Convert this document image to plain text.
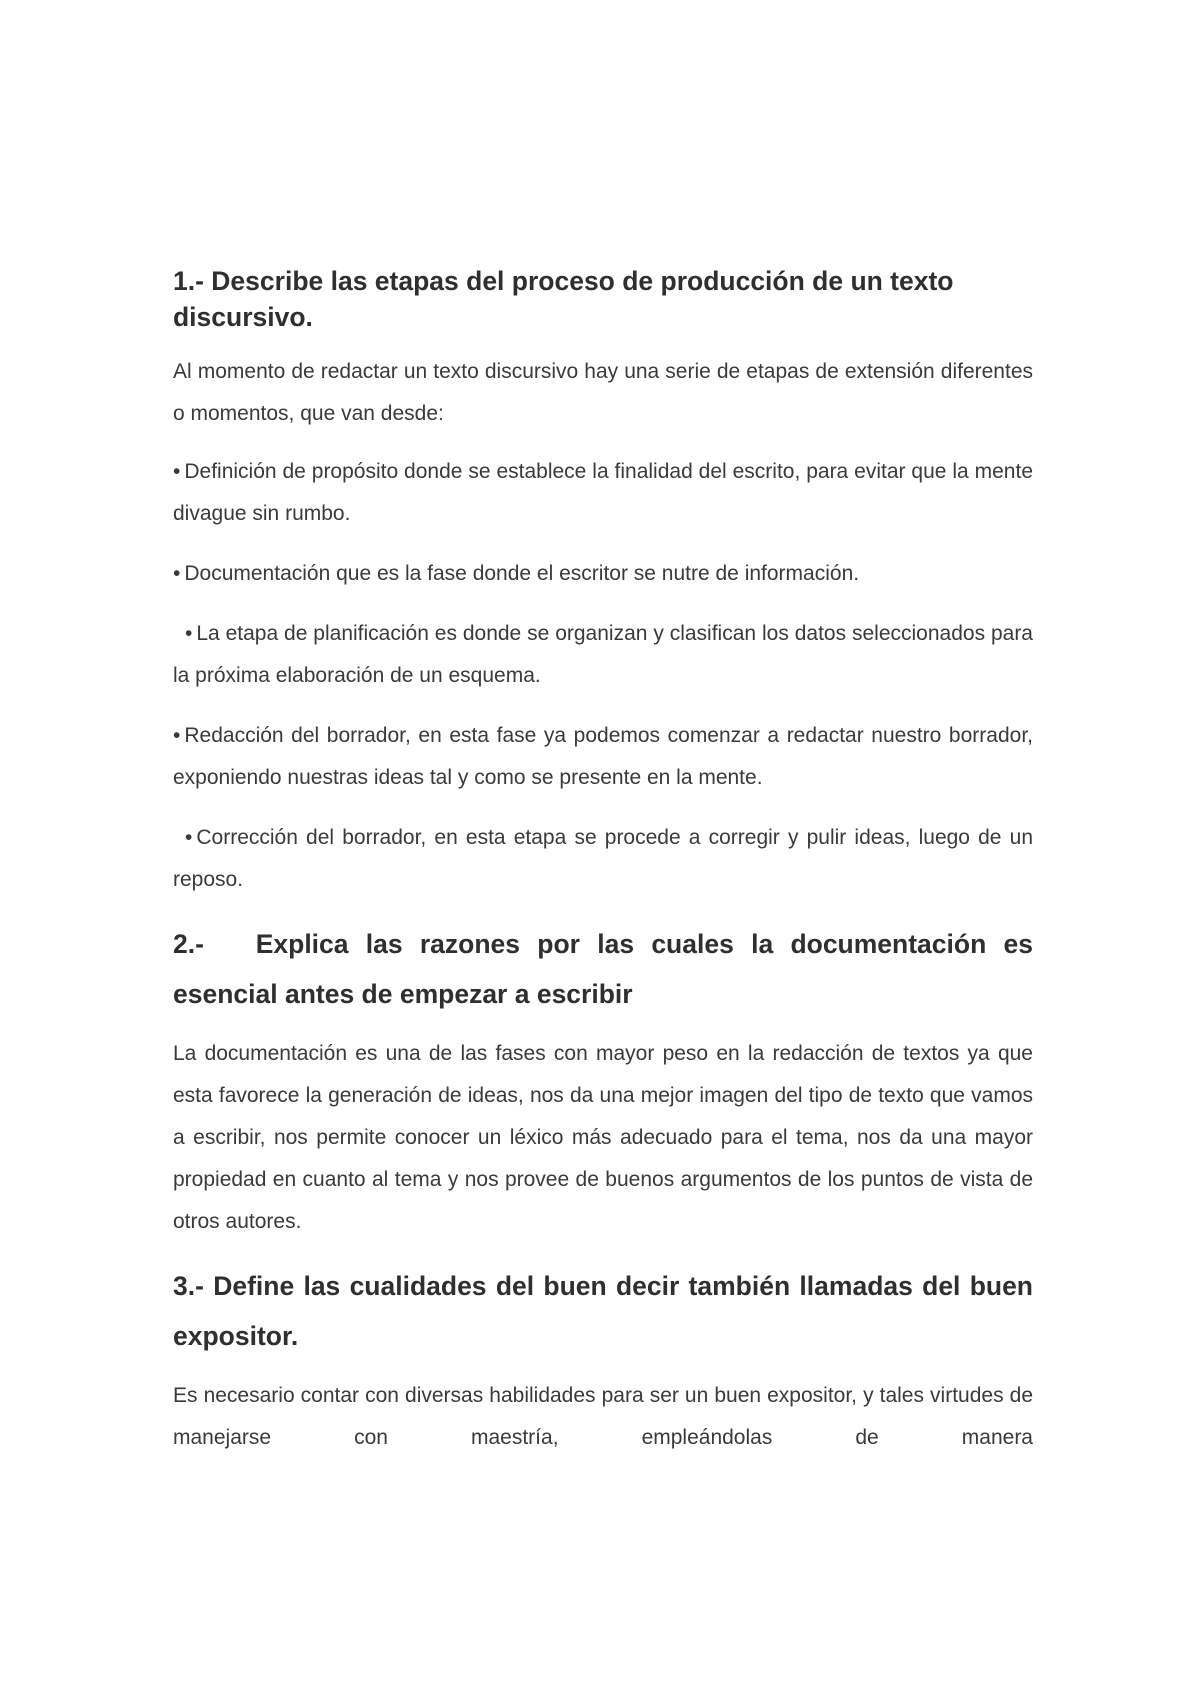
1.- Describe las etapas del proceso de producción de un texto discursivo.
Al momento de redactar un texto discursivo hay una serie de etapas de extensión diferentes o momentos, que van desde:
• Definición de propósito donde se establece la finalidad del escrito, para evitar que la mente divague sin rumbo.
• Documentación que es la fase donde el escritor se nutre de información.
• La etapa de planificación es donde se organizan y clasifican los datos seleccionados para la próxima elaboración de un esquema.
• Redacción del borrador, en esta fase ya podemos comenzar a redactar nuestro borrador, exponiendo nuestras ideas tal y como se presente en la mente.
• Corrección del borrador, en esta etapa se procede a corregir y pulir ideas, luego de un reposo.
2.- Explica las razones por las cuales la documentación es esencial antes de empezar a escribir
La documentación es una de las fases con mayor peso en la redacción de textos ya que esta favorece la generación de ideas, nos da una mejor imagen del tipo de texto que vamos a escribir, nos permite conocer un léxico más adecuado para el tema, nos da una mayor propiedad en cuanto al tema y nos provee de buenos argumentos de los puntos de vista de otros autores.
3.- Define las cualidades del buen decir también llamadas del buen expositor.
Es necesario contar con diversas habilidades para ser un buen expositor, y tales virtudes de manejarse con maestría, empleándolas de manera
